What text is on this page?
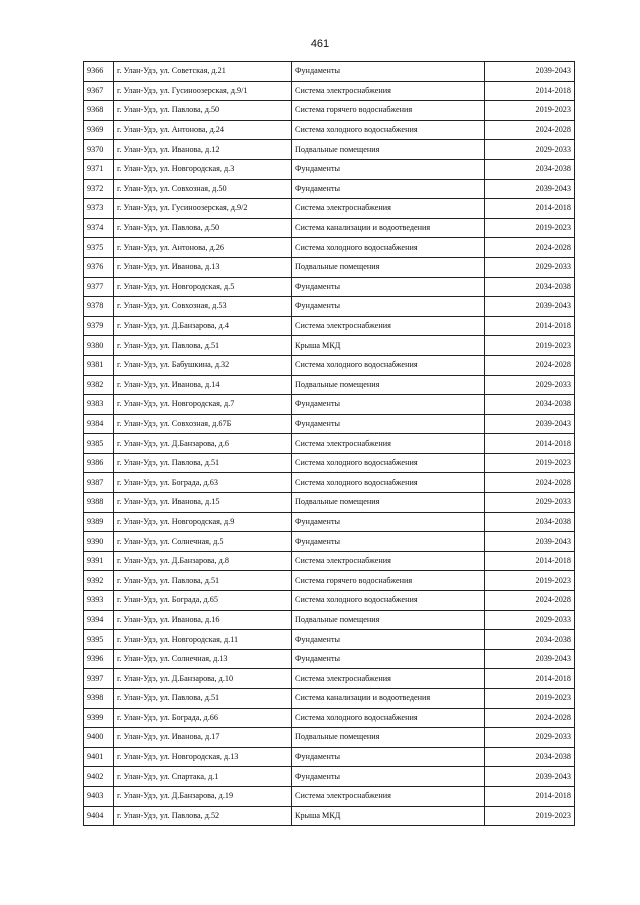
461
9366	г. Улан-Удэ, ул. Советская, д.21	Фундаменты	2039-2043
9367	г. Улан-Удэ, ул. Гусиноозерская, д.9/1	Система электроснабжения	2014-2018
9368	г. Улан-Удэ, ул. Павлова, д.50	Система горячего водоснабжения	2019-2023
9369	г. Улан-Удэ, ул. Антонова, д.24	Система холодного водоснабжения	2024-2028
9370	г. Улан-Удэ, ул. Иванова, д.12	Подвальные помещения	2029-2033
9371	г. Улан-Удэ, ул. Новгородская, д.3	Фундаменты	2034-2038
9372	г. Улан-Удэ, ул. Совхозная, д.50	Фундаменты	2039-2043
9373	г. Улан-Удэ, ул. Гусиноозерская, д.9/2	Система электроснабжения	2014-2018
9374	г. Улан-Удэ, ул. Павлова, д.50	Система канализации и водоотведения	2019-2023
9375	г. Улан-Удэ, ул. Антонова, д.26	Система холодного водоснабжения	2024-2028
9376	г. Улан-Удэ, ул. Иванова, д.13	Подвальные помещения	2029-2033
9377	г. Улан-Удэ, ул. Новгородская, д.5	Фундаменты	2034-2038
9378	г. Улан-Удэ, ул. Совхозная, д.53	Фундаменты	2039-2043
9379	г. Улан-Удэ, ул. Д.Банзарова, д.4	Система электроснабжения	2014-2018
9380	г. Улан-Удэ, ул. Павлова, д.51	Крыша МКД	2019-2023
9381	г. Улан-Удэ, ул. Бабушкина, д.32	Система холодного водоснабжения	2024-2028
9382	г. Улан-Удэ, ул. Иванова, д.14	Подвальные помещения	2029-2033
9383	г. Улан-Удэ, ул. Новгородская, д.7	Фундаменты	2034-2038
9384	г. Улан-Удэ, ул. Совхозная, д.67Б	Фундаменты	2039-2043
9385	г. Улан-Удэ, ул. Д.Банзарова, д.6	Система электроснабжения	2014-2018
9386	г. Улан-Удэ, ул. Павлова, д.51	Система холодного водоснабжения	2019-2023
9387	г. Улан-Удэ, ул. Бограда, д.63	Система холодного водоснабжения	2024-2028
9388	г. Улан-Удэ, ул. Иванова, д.15	Подвальные помещения	2029-2033
9389	г. Улан-Удэ, ул. Новгородская, д.9	Фундаменты	2034-2038
9390	г. Улан-Удэ, ул. Солнечная, д.5	Фундаменты	2039-2043
9391	г. Улан-Удэ, ул. Д.Банзарова, д.8	Система электроснабжения	2014-2018
9392	г. Улан-Удэ, ул. Павлова, д.51	Система горячего водоснабжения	2019-2023
9393	г. Улан-Удэ, ул. Бограда, д.65	Система холодного водоснабжения	2024-2028
9394	г. Улан-Удэ, ул. Иванова, д.16	Подвальные помещения	2029-2033
9395	г. Улан-Удэ, ул. Новгородская, д.11	Фундаменты	2034-2038
9396	г. Улан-Удэ, ул. Солнечная, д.13	Фундаменты	2039-2043
9397	г. Улан-Удэ, ул. Д.Банзарова, д.10	Система электроснабжения	2014-2018
9398	г. Улан-Удэ, ул. Павлова, д.51	Система канализации и водоотведения	2019-2023
9399	г. Улан-Удэ, ул. Бограда, д.66	Система холодного водоснабжения	2024-2028
9400	г. Улан-Удэ, ул. Иванова, д.17	Подвальные помещения	2029-2033
9401	г. Улан-Удэ, ул. Новгородская, д.13	Фундаменты	2034-2038
9402	г. Улан-Удэ, ул. Спартака, д.1	Фундаменты	2039-2043
9403	г. Улан-Удэ, ул. Д.Банзарова, д.19	Система электроснабжения	2014-2018
9404	г. Улан-Удэ, ул. Павлова, д.52	Крыша МКД	2019-2023
